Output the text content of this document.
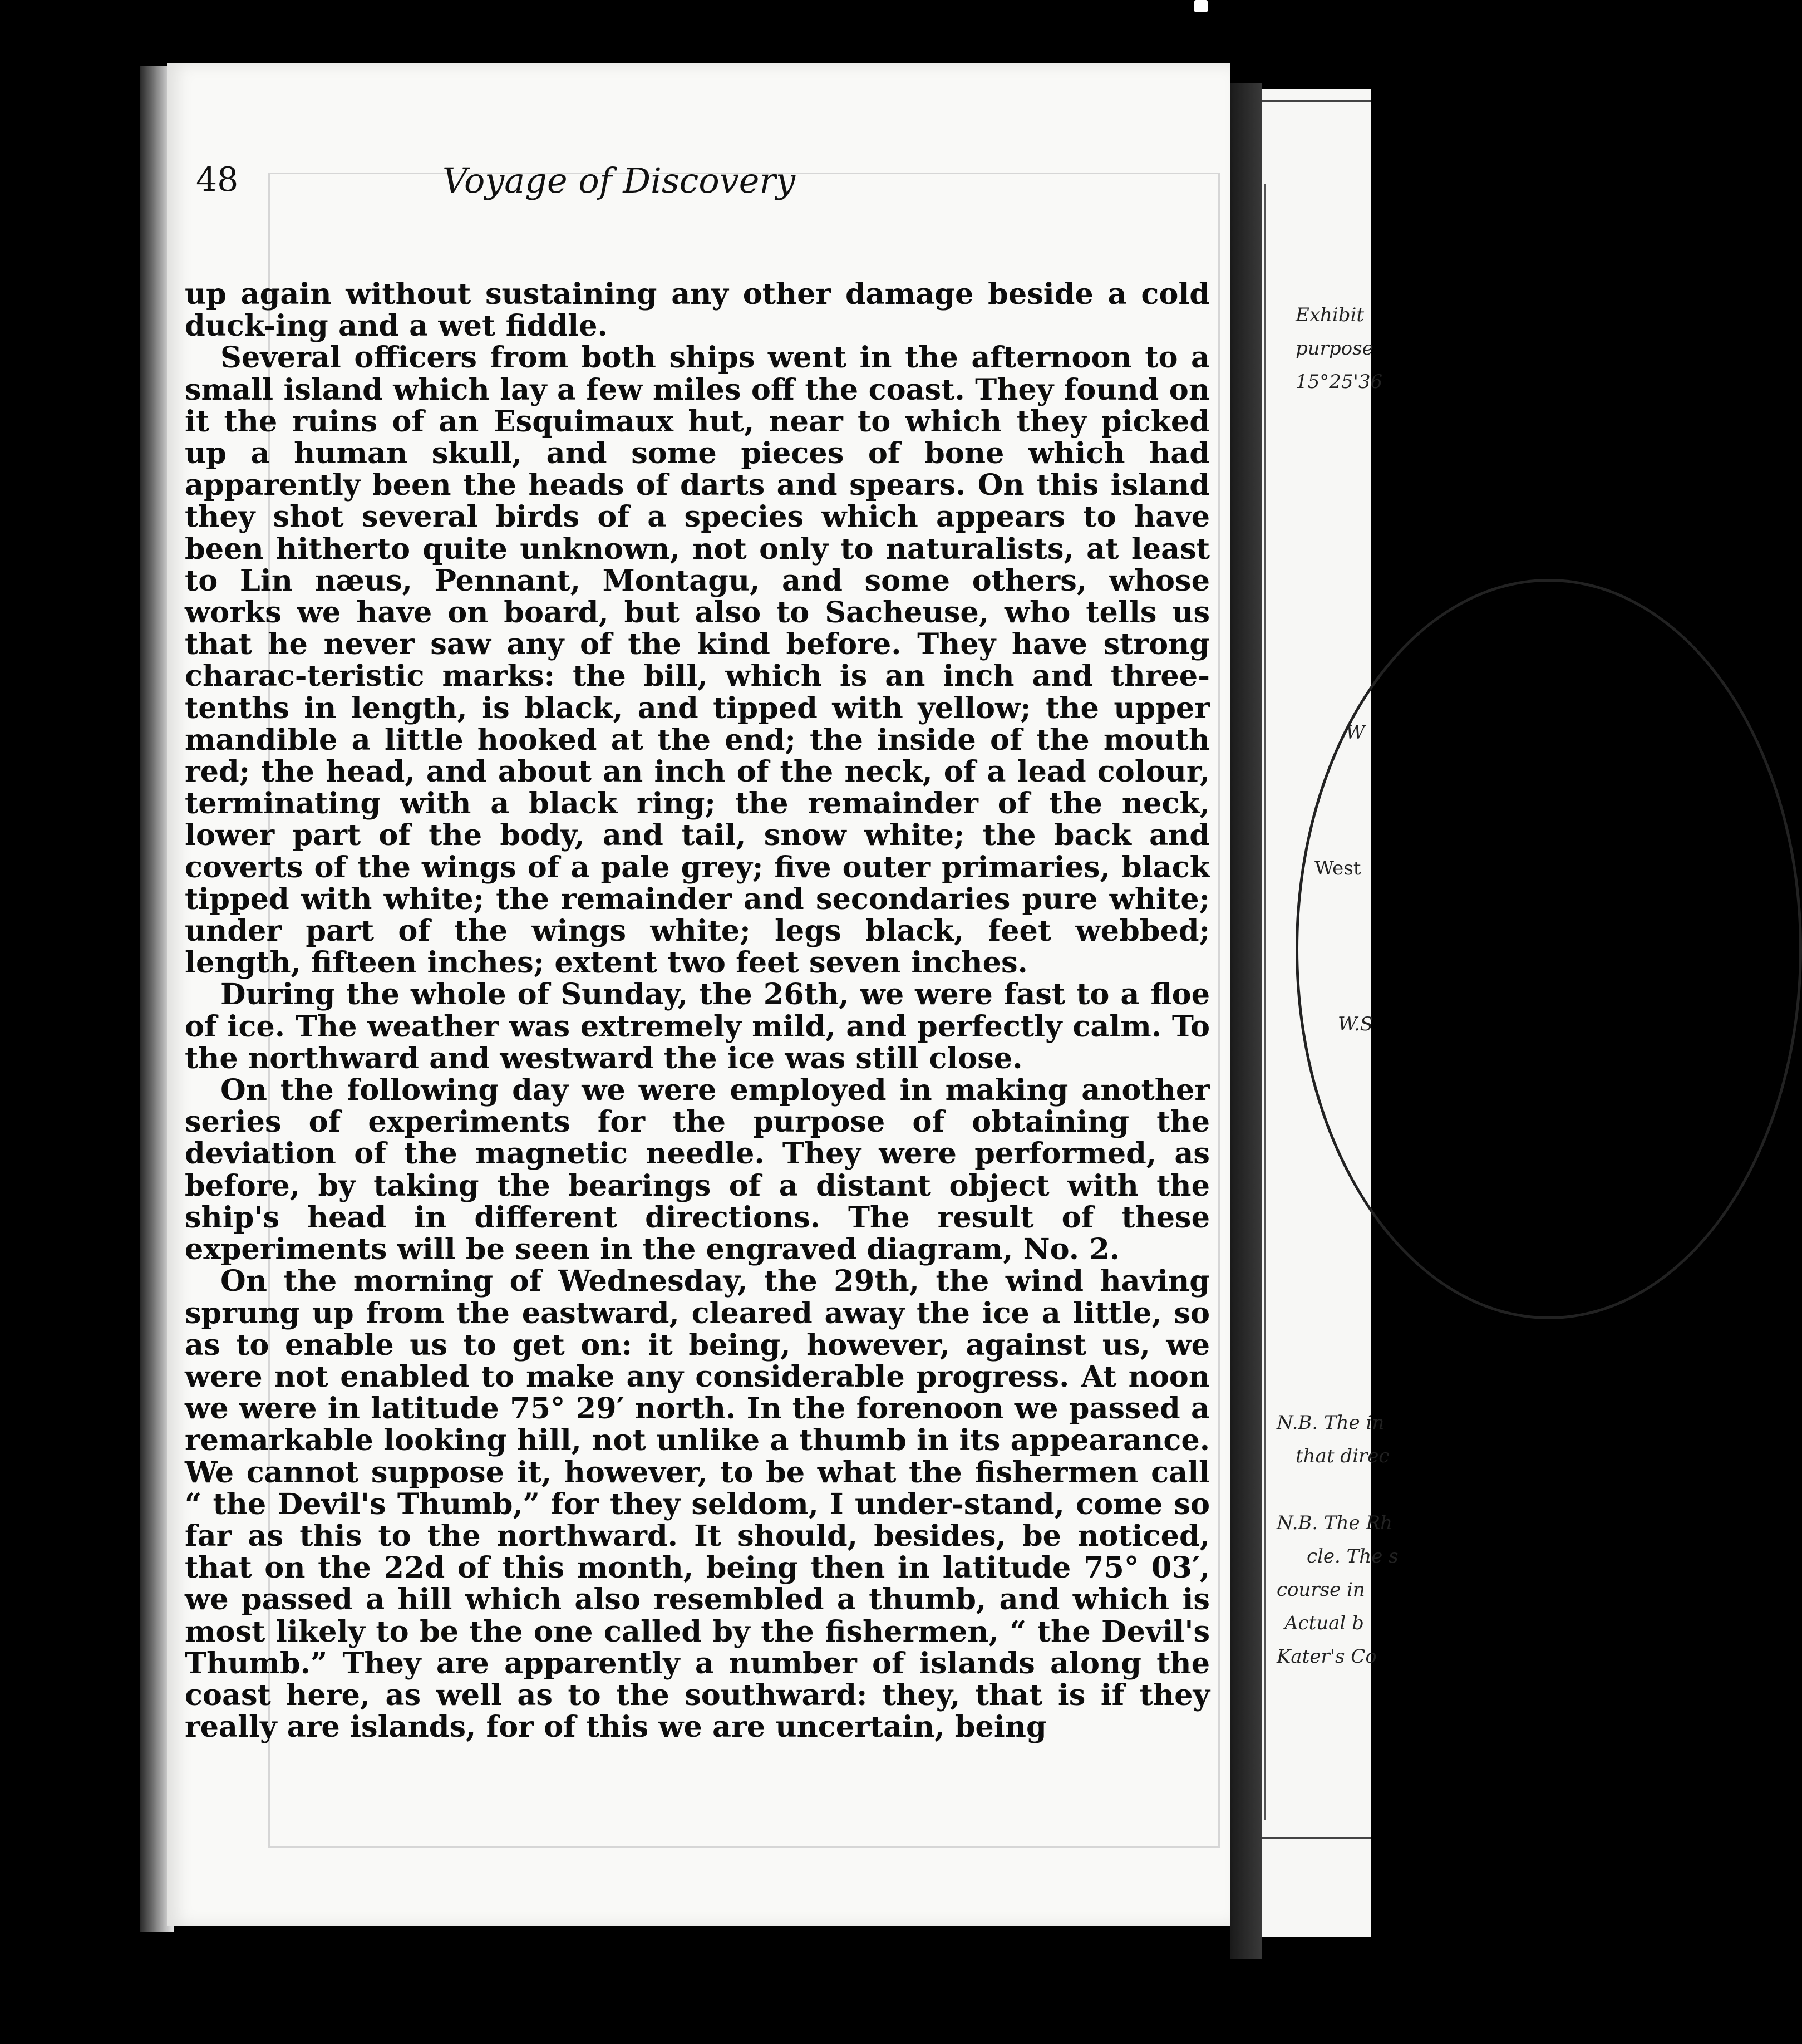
48	Voyage of Discovery

up again without sustaining any other damage beside a cold duck-ing and a wet fiddle.

Several officers from both ships went in the afternoon to a small island which lay a few miles off the coast. They found on it the ruins of an Esquimaux hut, near to which they picked up a human skull, and some pieces of bone which had apparently been the heads of darts and spears. On this island they shot several birds of a species which appears to have been hitherto quite unknown, not only to naturalists, at least to Lin næus, Pennant, Montagu, and some others, whose works we have on board, but also to Sacheuse, who tells us that he never saw any of the kind before. They have strong charac-teristic marks: the bill, which is an inch and three-tenths in length, is black, and tipped with yellow; the upper mandible a little hooked at the end; the inside of the mouth red; the head, and about an inch of the neck, of a lead colour, terminating with a black ring; the remainder of the neck, lower part of the body, and tail, snow white; the back and coverts of the wings of a pale grey; five outer primaries, black tipped with white; the remainder and secondaries pure white; under part of the wings white; legs black, feet webbed; length, fifteen inches; extent two feet seven inches.

During the whole of Sunday, the 26th, we were fast to a floe of ice. The weather was extremely mild, and perfectly calm. To the northward and westward the ice was still close.

On the following day we were employed in making another series of experiments for the purpose of obtaining the deviation of the magnetic needle. They were performed, as before, by taking the bearings of a distant object with the ship's head in different directions. The result of these experiments will be seen in the engraved diagram, No. 2.

On the morning of Wednesday, the 29th, the wind having sprung up from the eastward, cleared away the ice a little, so as to enable us to get on: it being, however, against us, we were not enabled to make any considerable progress. At noon we were in latitude 75° 29′ north. In the forenoon we passed a remarkable looking hill, not unlike a thumb in its appearance. We cannot suppose it, however, to be what the fishermen call “ the Devil's Thumb,” for they seldom, I under-stand, come so far as this to the northward. It should, besides, be noticed, that on the 22d of this month, being then in latitude 75° 03′, we passed a hill which also resembled a thumb, and which is most likely to be the one called by the fishermen, “ the Devil's Thumb.” They are apparently a number of islands along the coast here, as well as to the southward: they, that is if they really are islands, for of this we are uncertain, being

Exhibit
purpose
15°25'36
W
West
W.S
N.B. The in
that direc
N.B. The Rh
cle. The s
course in
Actual b
Kater's Co
